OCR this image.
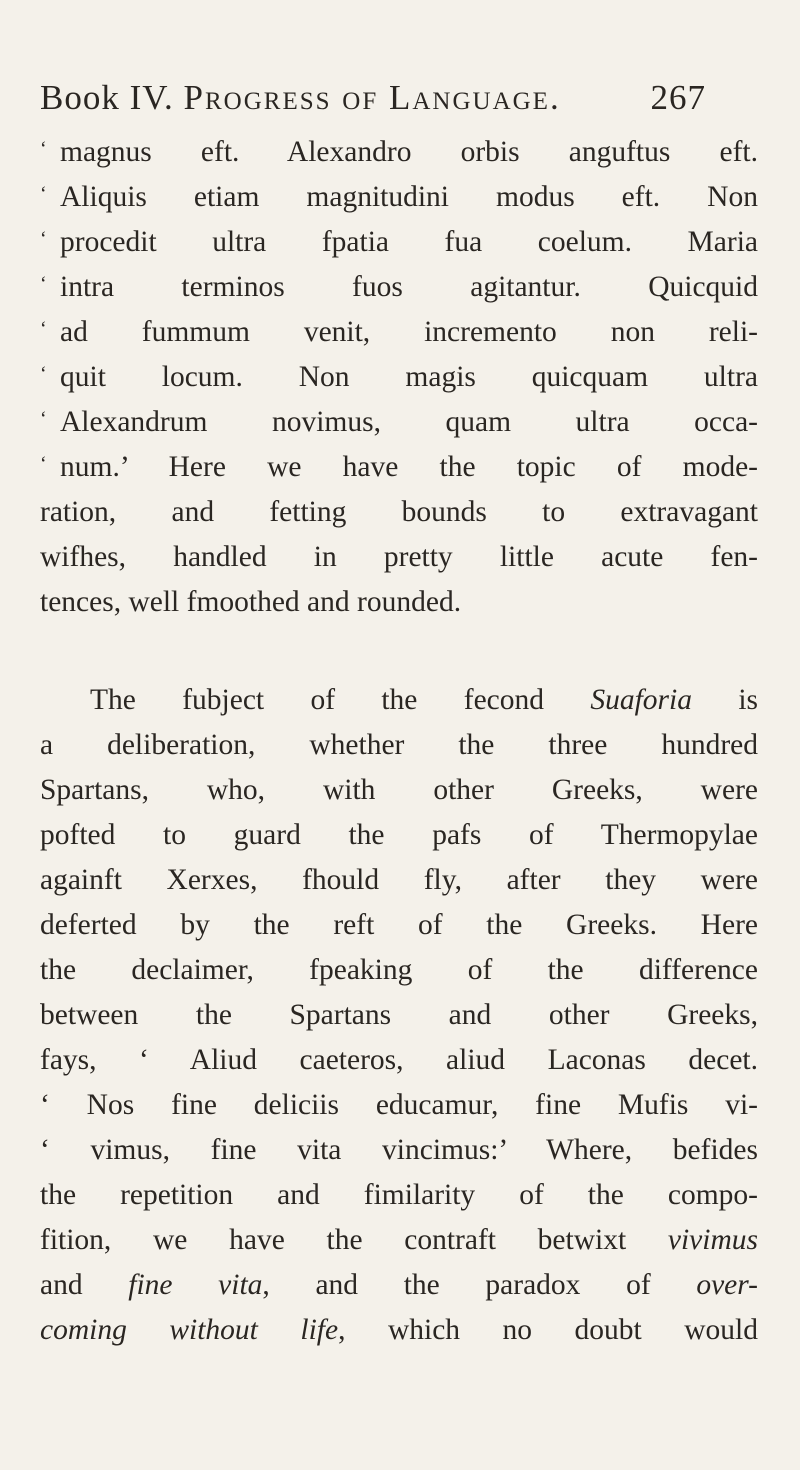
Book IV. Progress of Language.	267
‘ magnus eft. Alexandro orbis anguftus eft.
‘ Aliquis etiam magnitudini modus eft. Non
‘ procedit ultra fpatia fua coelum. Maria
‘ intra terminos fuos agitantur. Quicquid
‘ ad fummum venit, incremento non reli-
‘ quit locum. Non magis quicquam ultra
‘ Alexandrum novimus, quam ultra occa-
‘ num.’ Here we have the topic of mode-
ration, and fetting bounds to extravagant
wifhes, handled in pretty little acute fen-
tences, well fmoothed and rounded.
The fubject of the fecond Suaforia is
a deliberation, whether the three hundred
Spartans, who, with other Greeks, were
pofted to guard the pafs of Thermopylae
againft Xerxes, fhould fly, after they were
deferted by the reft of the Greeks. Here
the declaimer, fpeaking of the difference
between the Spartans and other Greeks,
fays, ‘ Aliud caeteros, aliud Laconas decet.
‘ Nos fine deliciis educamur, fine Mufis vi-
‘ vimus, fine vita vincimus:’ Where, befides
the repetition and fimilarity of the compo-
fition, we have the contraft betwixt vivimus
and fine vita, and the paradox of over-
coming without life, which no doubt would
